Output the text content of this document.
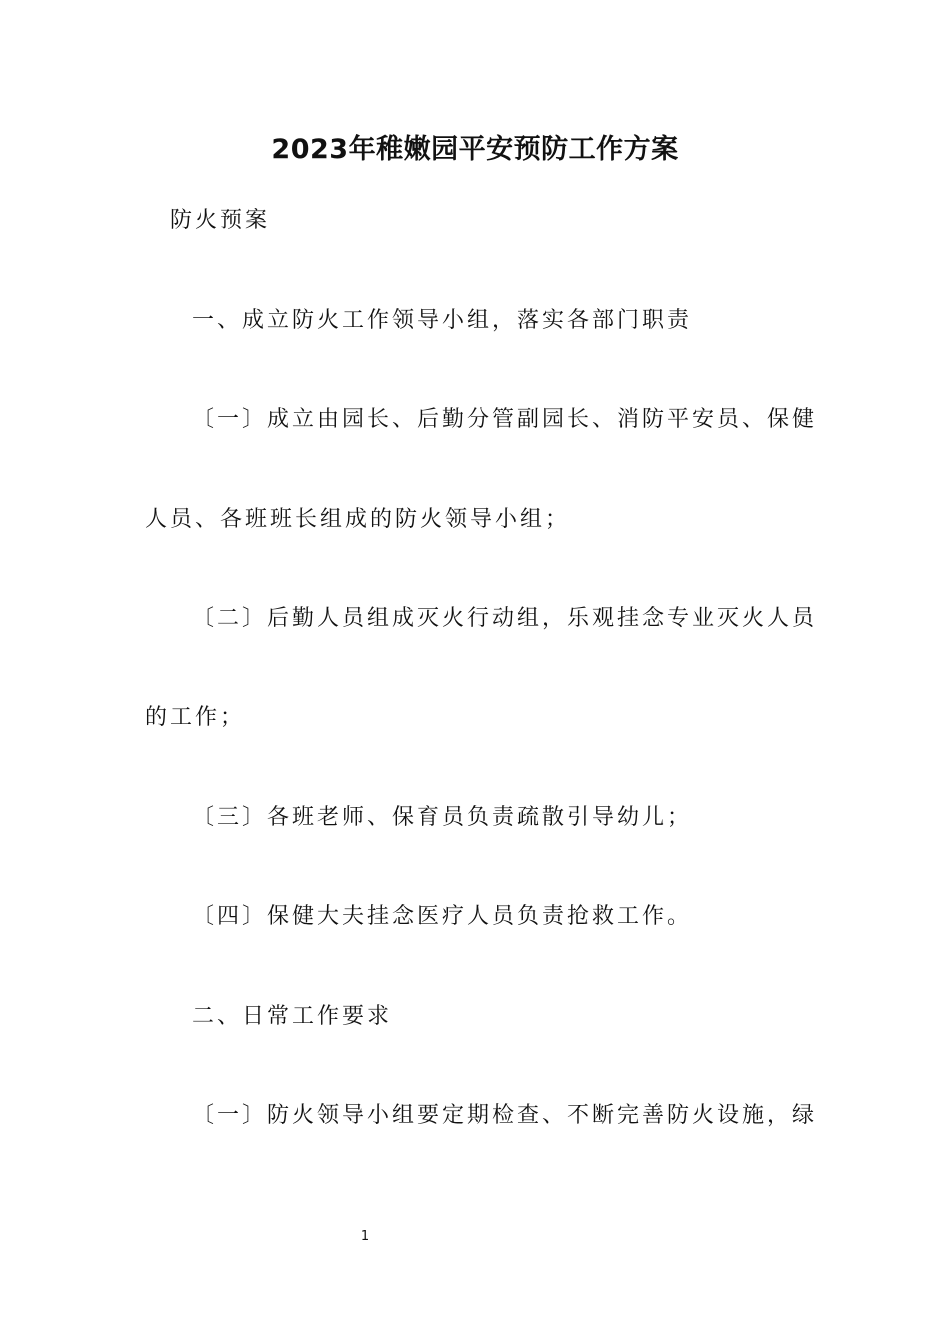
2023年稚嫩园平安预防工作方案
防火预案
一、成立防火工作领导小组，落实各部门职责
〔一〕成立由园长、后勤分管副园长、消防平安员、保健
人员、各班班长组成的防火领导小组；
〔二〕后勤人员组成灭火行动组，乐观挂念专业灭火人员
的工作；
〔三〕各班老师、保育员负责疏散引导幼儿；
〔四〕保健大夫挂念医疗人员负责抢救工作。
二、日常工作要求
〔一〕防火领导小组要定期检查、不断完善防火设施，绿
1
